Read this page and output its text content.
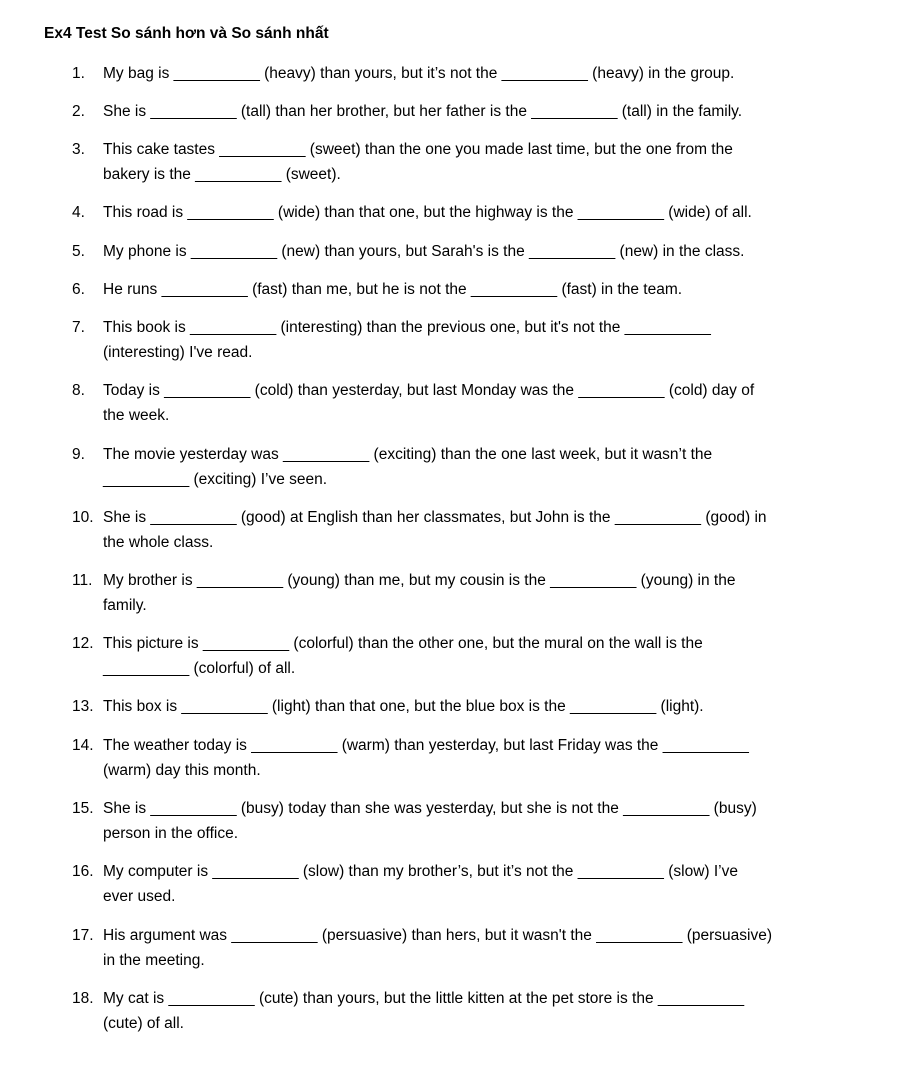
Ex4 Test So sánh hơn và So sánh nhất
1.	My bag is __________ (heavy) than yours, but it’s not the __________ (heavy) in the group.
2.	She is __________ (tall) than her brother, but her father is the __________ (tall) in the family.
3.	This cake tastes __________ (sweet) than the one you made last time, but the one from the
bakery is the __________ (sweet).
4.	This road is __________ (wide) than that one, but the highway is the __________ (wide) of all.
5.	My phone is __________ (new) than yours, but Sarah's is the __________ (new) in the class.
6.	He runs __________ (fast) than me, but he is not the __________ (fast) in the team.
7.	This book is __________ (interesting) than the previous one, but it's not the __________
(interesting) I've read.
8.	Today is __________ (cold) than yesterday, but last Monday was the __________ (cold) day of
the week.
9.	The movie yesterday was __________ (exciting) than the one last week, but it wasn’t the
__________ (exciting) I’ve seen.
10. She is __________ (good) at English than her classmates, but John is the __________ (good) in
the whole class.
11. My brother is __________ (young) than me, but my cousin is the __________ (young) in the
family.
12. This picture is __________ (colorful) than the other one, but the mural on the wall is the
__________ (colorful) of all.
13. This box is __________ (light) than that one, but the blue box is the __________ (light).
14. The weather today is __________ (warm) than yesterday, but last Friday was the __________
(warm) day this month.
15. She is __________ (busy) today than she was yesterday, but she is not the __________ (busy)
person in the office.
16. My computer is __________ (slow) than my brother’s, but it’s not the __________ (slow) I’ve
ever used.
17. His argument was __________ (persuasive) than hers, but it wasn't the __________ (persuasive)
in the meeting.
18. My cat is __________ (cute) than yours, but the little kitten at the pet store is the __________
(cute) of all.
